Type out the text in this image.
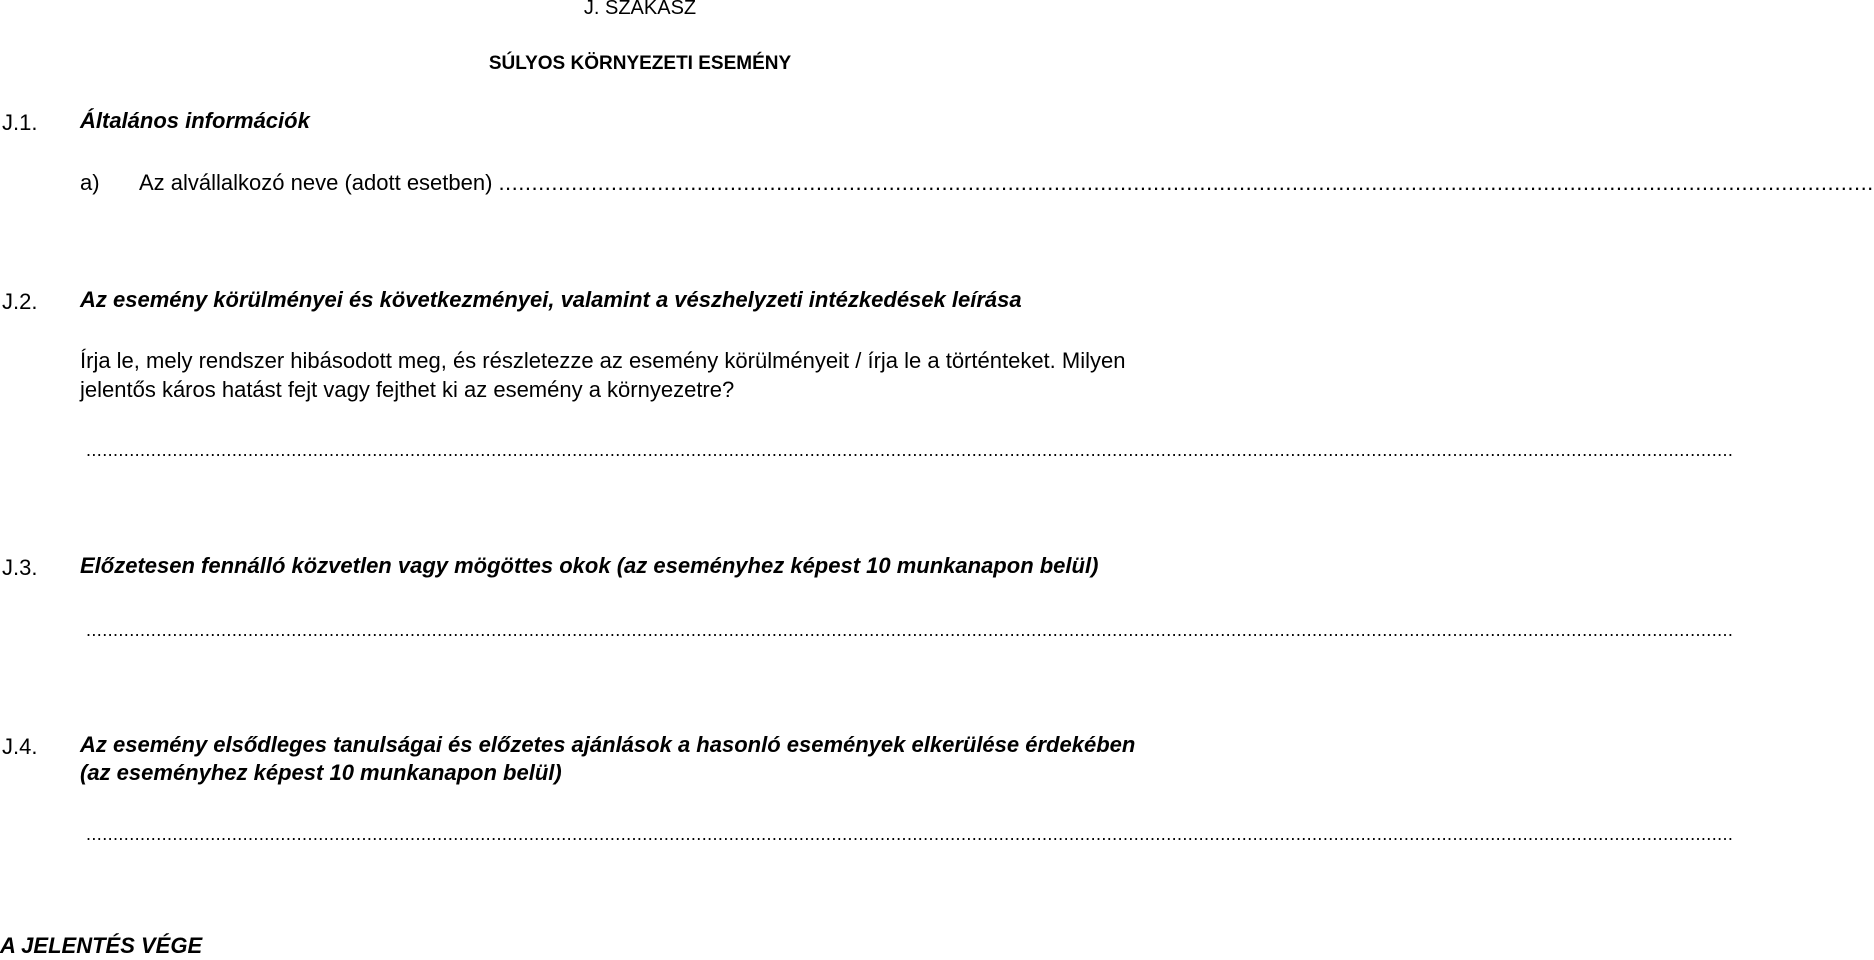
J. SZAKASZ
SÚLYOS KÖRNYEZETI ESEMÉNY
J.1. Általános információk
a) Az alvállalkozó neve (adott esetben) ................................................................................................................................................................................................................
J.2. Az esemény körülményei és következményei, valamint a vészhelyzeti intézkedések leírása
Írja le, mely rendszer hibásodott meg, és részletezze az esemény körülményeit / írja le a történteket. Milyen
jelentős káros hatást fejt vagy fejthet ki az esemény a környezetre?
.................................................................................................................................................................................................................................................................................................................
J.3. Előzetesen fennálló közvetlen vagy mögöttes okok (az eseményhez képest 10 munkanapon belül)
.................................................................................................................................................................................................................................................................................................................
J.4. Az esemény elsődleges tanulságai és előzetes ajánlások a hasonló események elkerülése érdekében
(az eseményhez képest 10 munkanapon belül)
.................................................................................................................................................................................................................................................................................................................
A JELENTÉS VÉGE
